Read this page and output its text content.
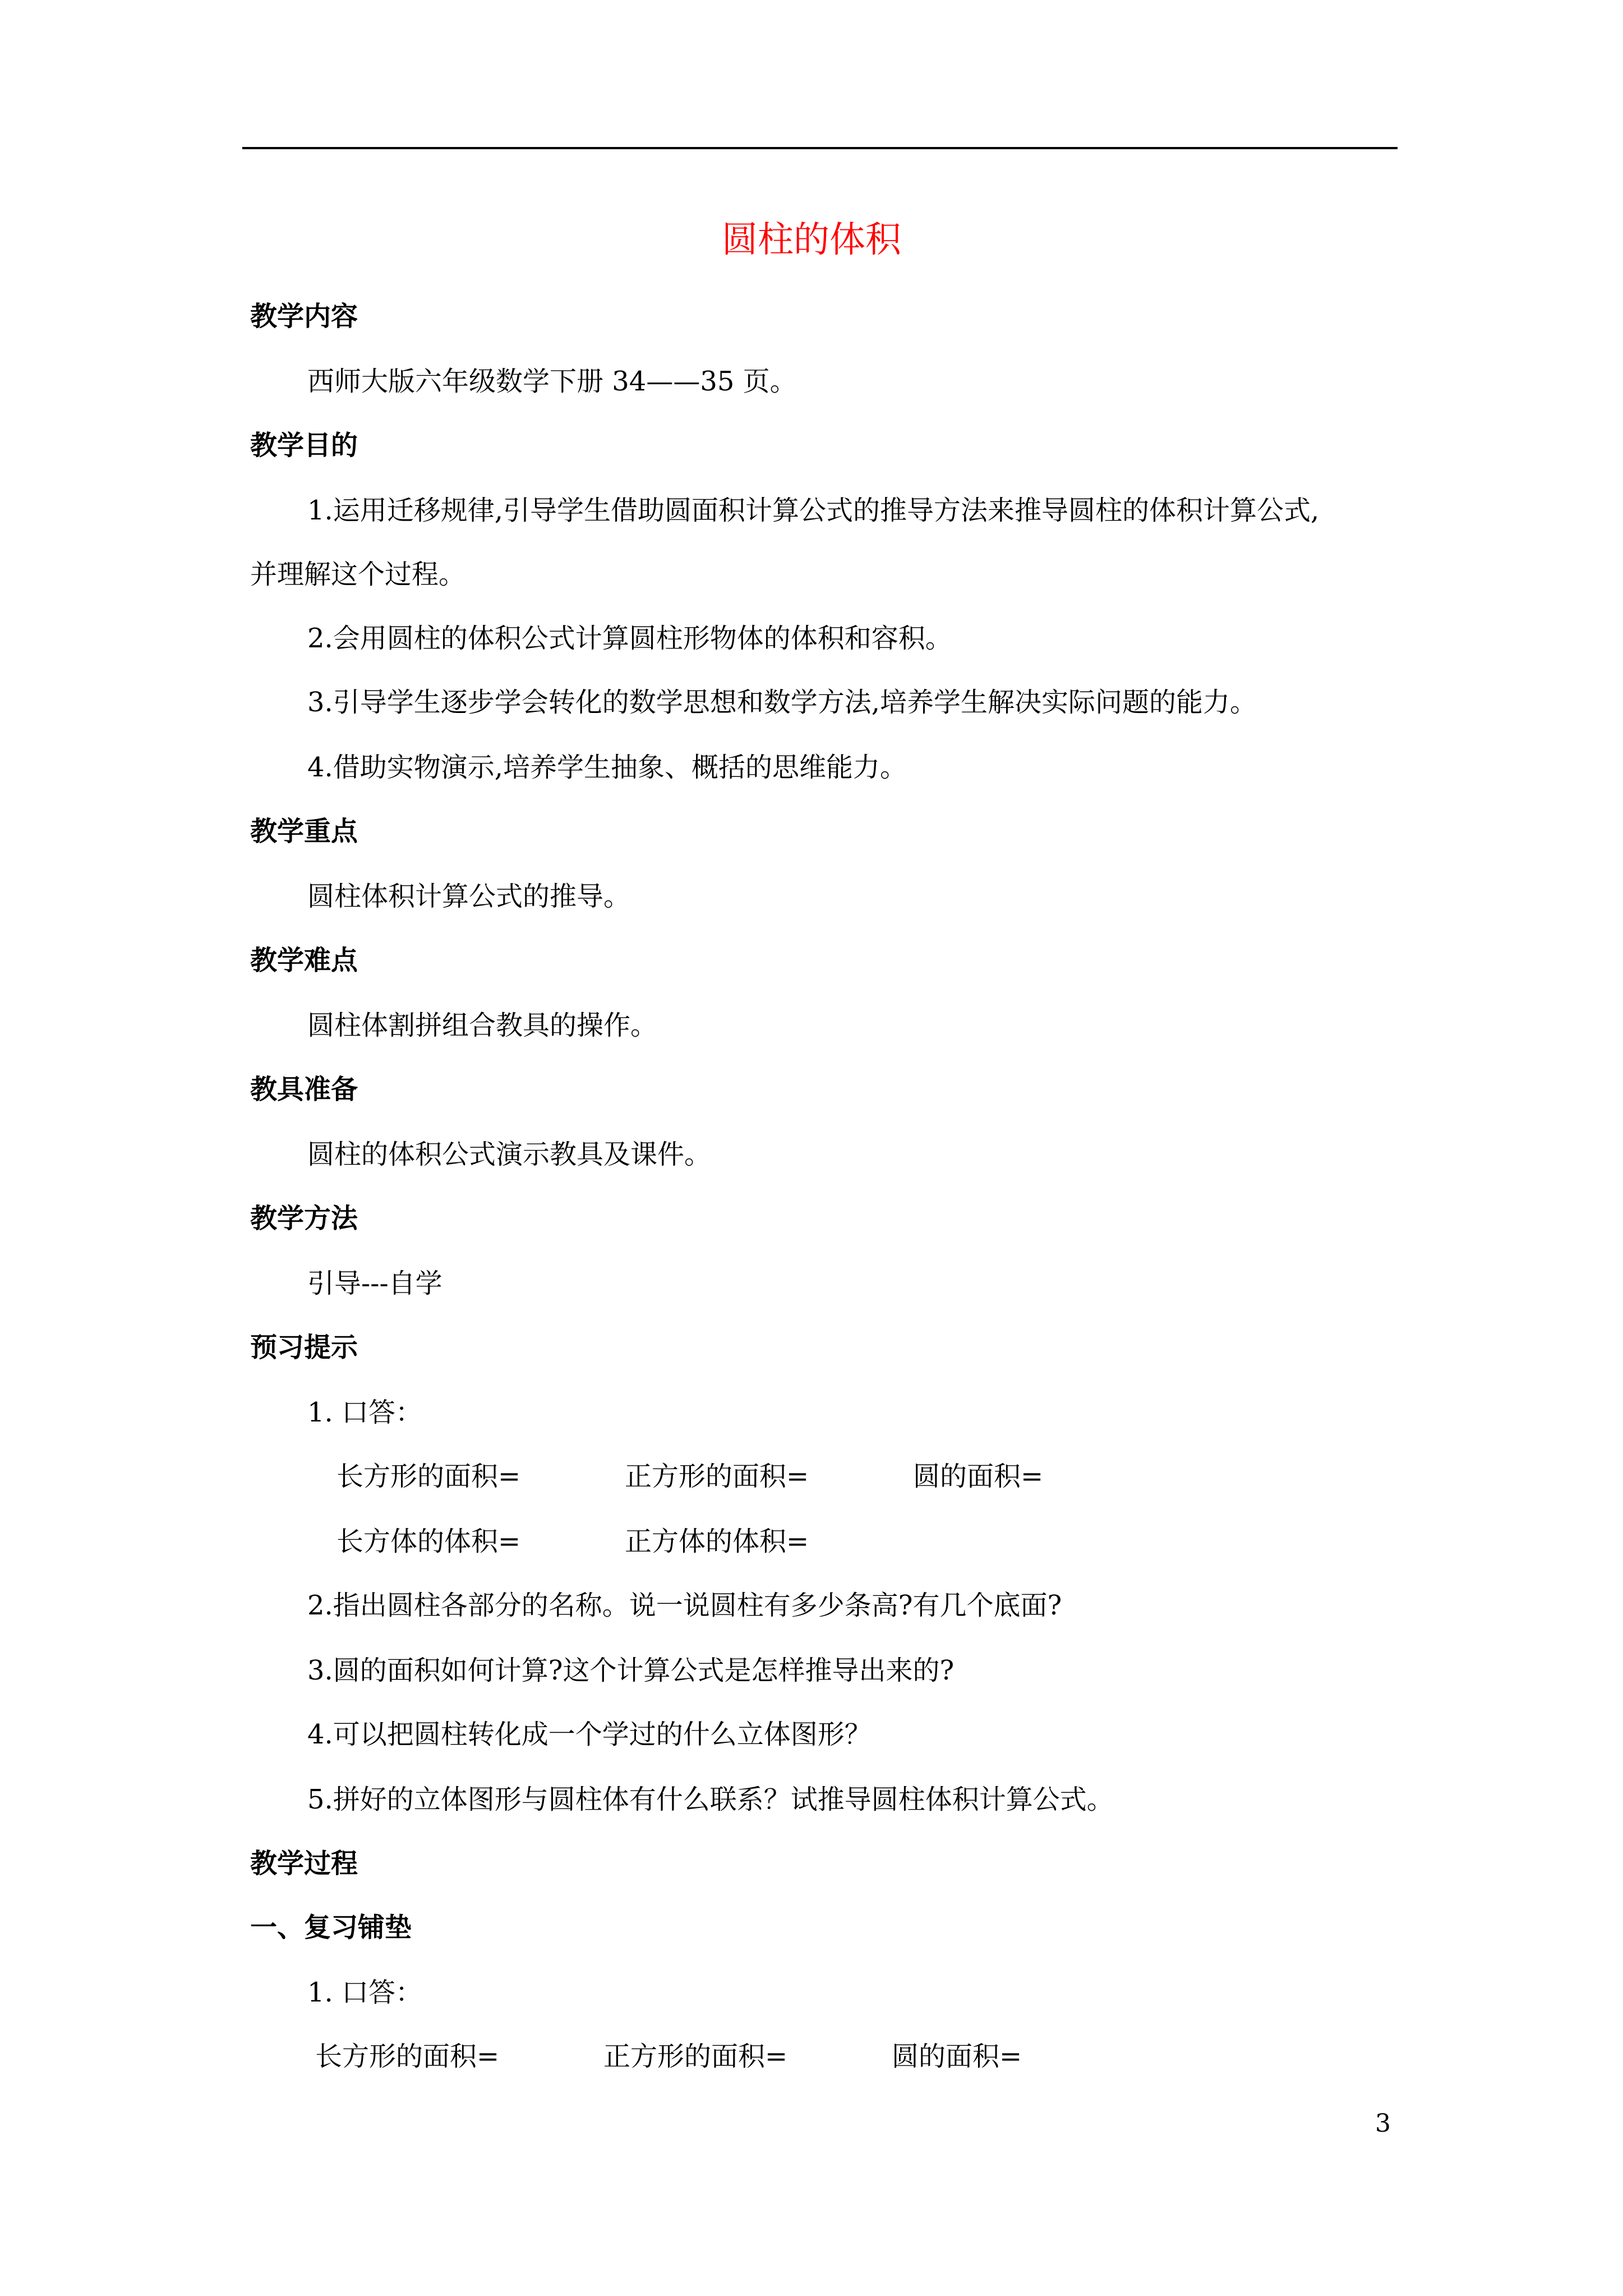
圆柱的体积
教学内容
西师大版六年级数学下册 34——35 页。
教学目的
1.运用迁移规律,引导学生借助圆面积计算公式的推导方法来推导圆柱的体积计算公式,
并理解这个过程。
2.会用圆柱的体积公式计算圆柱形物体的体积和容积。
3.引导学生逐步学会转化的数学思想和数学方法,培养学生解决实际问题的能力。
4.借助实物演示,培养学生抽象、概括的思维能力。
教学重点
圆柱体积计算公式的推导。
教学难点
圆柱体割拼组合教具的操作。
教具准备
圆柱的体积公式演示教具及课件。
教学方法
引导---自学
预习提示
1. 口答：
长方形的面积=	正方形的面积=	圆的面积=
长方体的体积=	正方体的体积=
2.指出圆柱各部分的名称。说一说圆柱有多少条高?有几个底面?
3.圆的面积如何计算?这个计算公式是怎样推导出来的?
4.可以把圆柱转化成一个学过的什么立体图形？
5.拼好的立体图形与圆柱体有什么联系？试推导圆柱体积计算公式。
教学过程
一、复习铺垫
1. 口答：
长方形的面积=	正方形的面积=	圆的面积=
3
